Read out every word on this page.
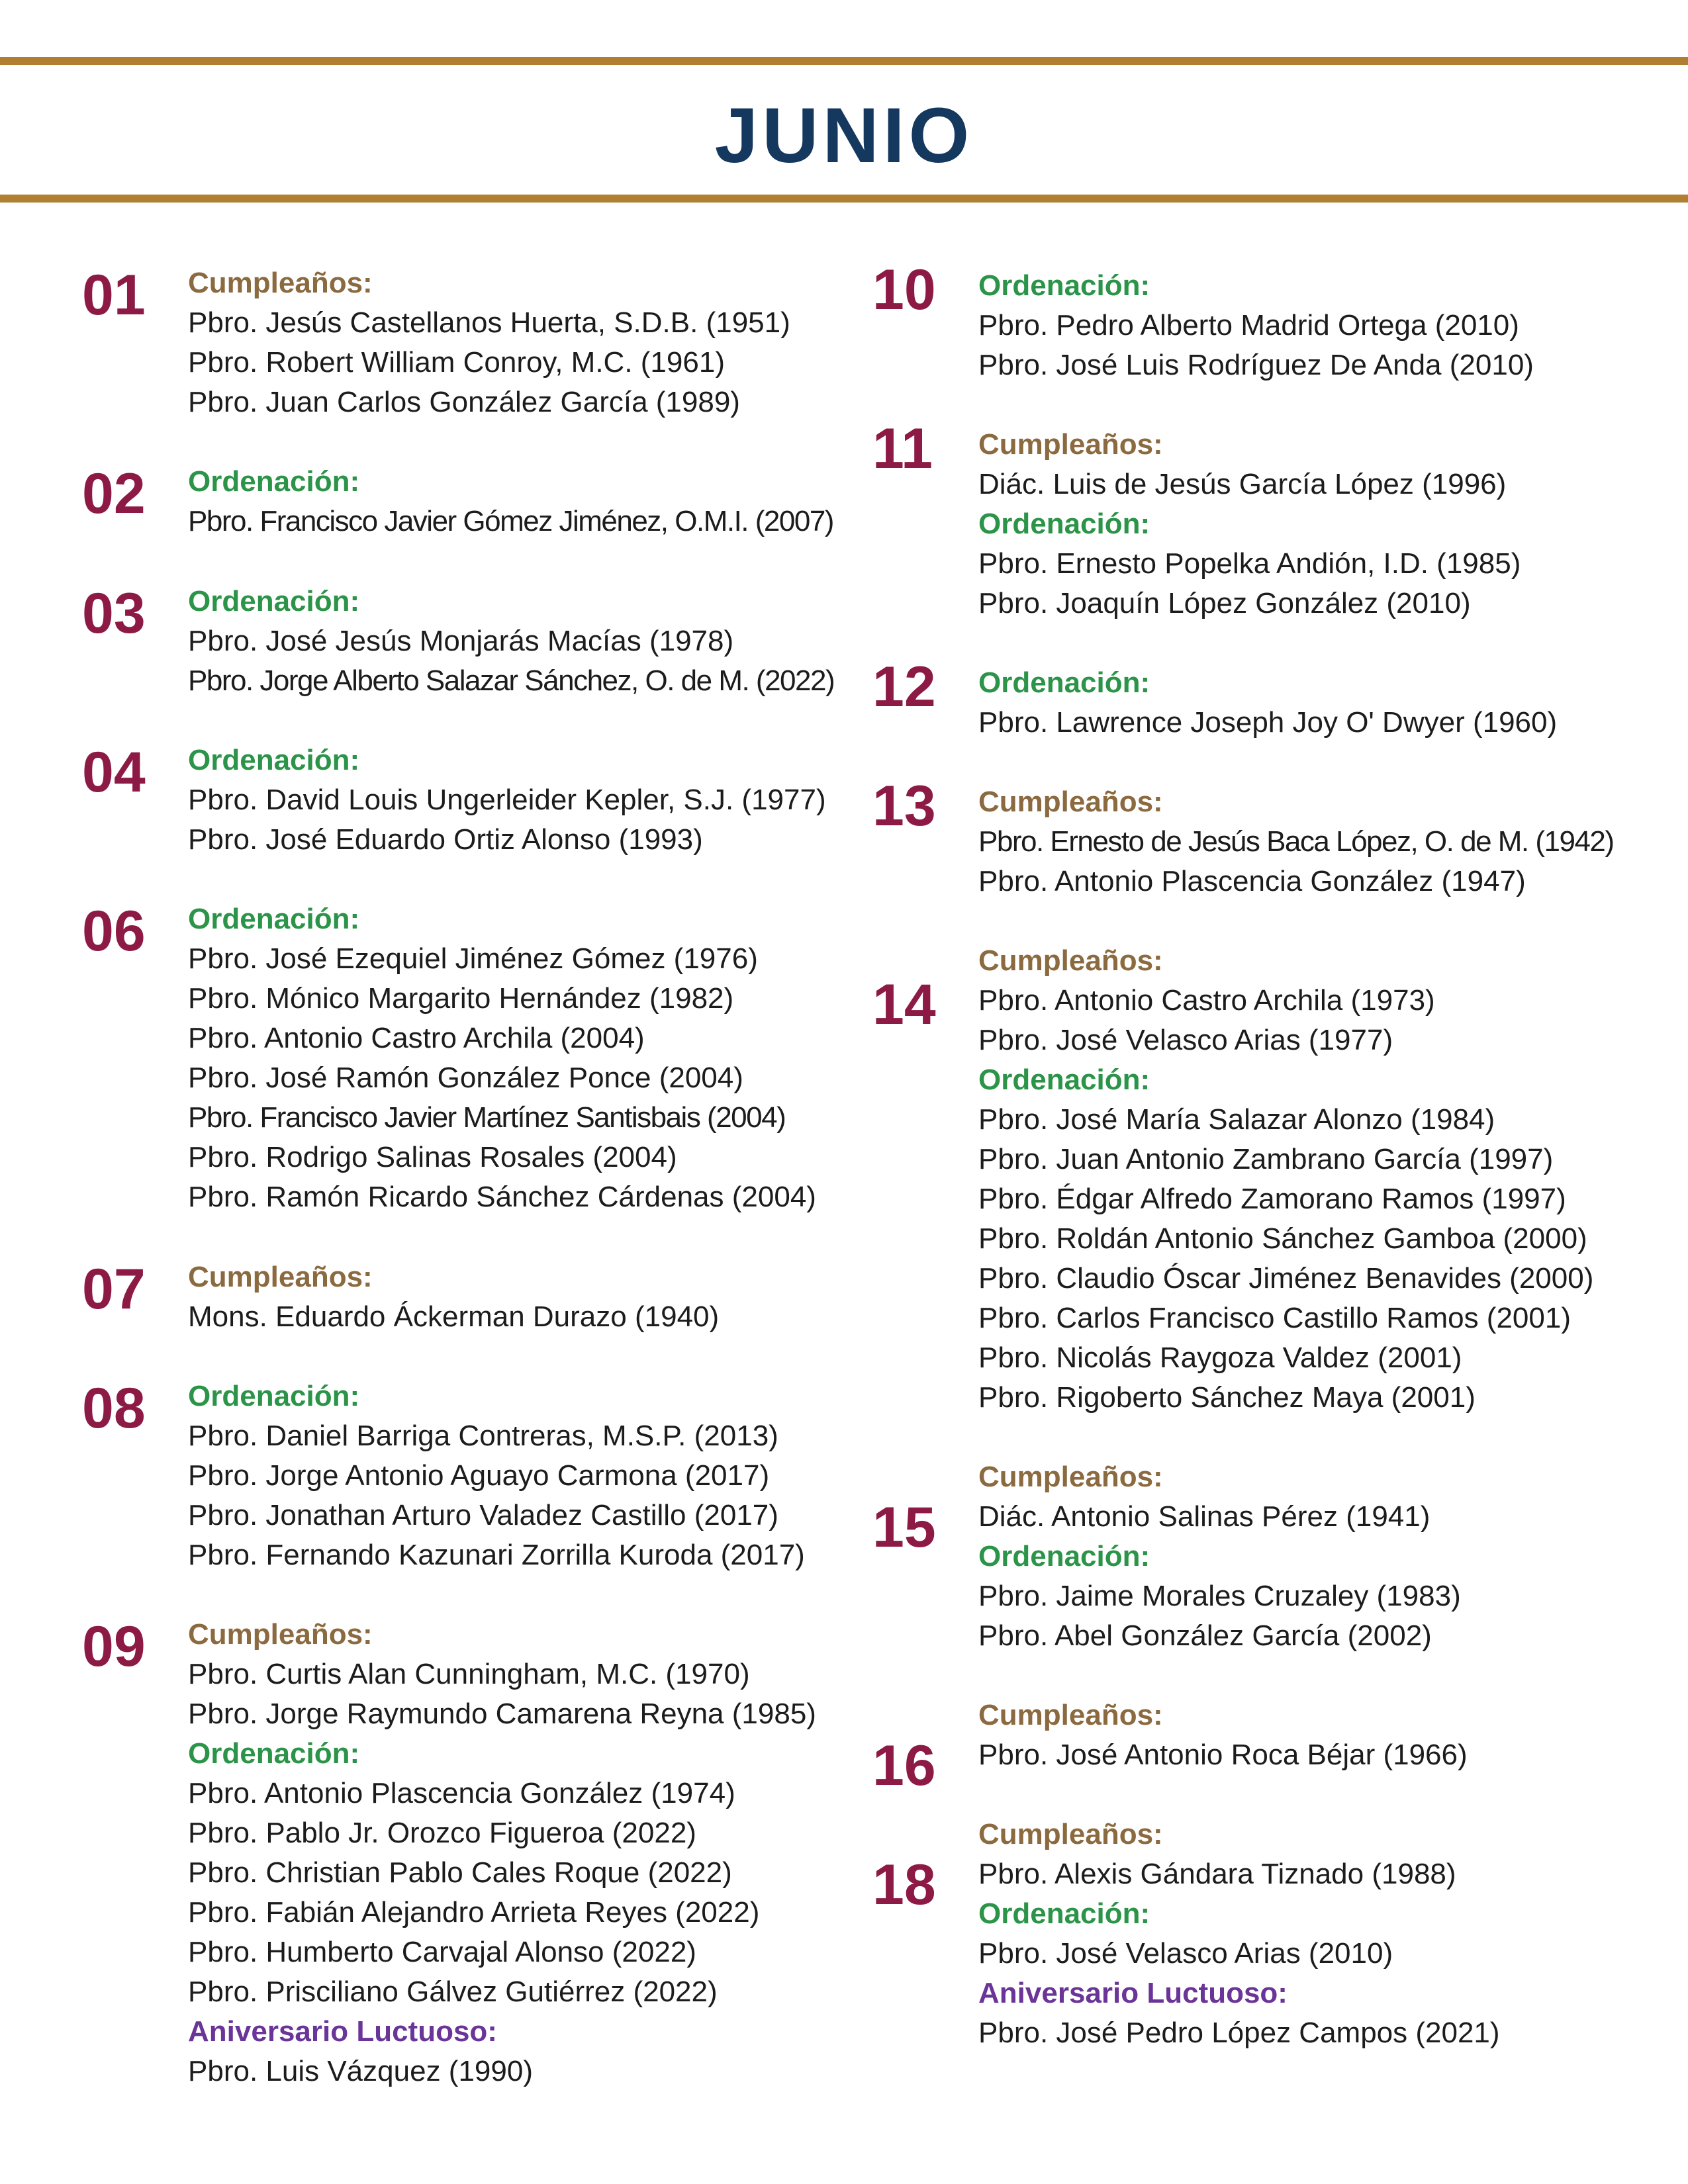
JUNIO
01	Cumpleaños:
Pbro. Jesús Castellanos Huerta, S.D.B. (1951)
Pbro. Robert William Conroy, M.C. (1961)
Pbro. Juan Carlos González García (1989)
02	Ordenación:
Pbro. Francisco Javier Gómez Jiménez, O.M.I. (2007)
03	Ordenación:
Pbro. José Jesús Monjarás Macías (1978)
Pbro. Jorge Alberto Salazar Sánchez, O. de M. (2022)
04	Ordenación:
Pbro. David Louis Ungerleider Kepler, S.J. (1977)
Pbro. José Eduardo Ortiz Alonso (1993)
06	Ordenación:
Pbro. José Ezequiel Jiménez Gómez (1976)
Pbro. Mónico Margarito Hernández (1982)
Pbro. Antonio Castro Archila (2004)
Pbro. José Ramón González Ponce (2004)
Pbro. Francisco Javier Martínez Santisbais (2004)
Pbro. Rodrigo Salinas Rosales (2004)
Pbro. Ramón Ricardo Sánchez Cárdenas (2004)
07	Cumpleaños:
Mons. Eduardo Áckerman Durazo (1940)
08	Ordenación:
Pbro. Daniel Barriga Contreras, M.S.P. (2013)
Pbro. Jorge Antonio Aguayo Carmona (2017)
Pbro. Jonathan Arturo Valadez Castillo (2017)
Pbro. Fernando Kazunari Zorrilla Kuroda (2017)
09	Cumpleaños:
Pbro. Curtis Alan Cunningham, M.C. (1970)
Pbro. Jorge Raymundo Camarena Reyna (1985)
Ordenación:
Pbro. Antonio Plascencia González (1974)
Pbro. Pablo Jr. Orozco Figueroa (2022)
Pbro. Christian Pablo Cales Roque (2022)
Pbro. Fabián Alejandro Arrieta Reyes (2022)
Pbro. Humberto Carvajal Alonso (2022)
Pbro. Prisciliano Gálvez Gutiérrez (2022)
Aniversario Luctuoso:
Pbro. Luis Vázquez (1990)
10	Ordenación:
Pbro. Pedro Alberto Madrid Ortega (2010)
Pbro. José Luis Rodríguez De Anda (2010)
11	Cumpleaños:
Diác. Luis de Jesús García López (1996)
Ordenación:
Pbro. Ernesto Popelka Andión, I.D. (1985)
Pbro. Joaquín López González (2010)
12	Ordenación:
Pbro. Lawrence Joseph Joy O' Dwyer (1960)
13	Cumpleaños:
Pbro. Ernesto de Jesús Baca López, O. de M. (1942)
Pbro. Antonio Plascencia González (1947)
14
Cumpleaños:
Pbro. Antonio Castro Archila (1973)
Pbro. José Velasco Arias (1977)
Ordenación:
Pbro. José María Salazar Alonzo (1984)
Pbro. Juan Antonio Zambrano García (1997)
Pbro. Édgar Alfredo Zamorano Ramos (1997)
Pbro. Roldán Antonio Sánchez Gamboa (2000)
Pbro. Claudio Óscar Jiménez Benavides (2000)
Pbro. Carlos Francisco Castillo Ramos (2001)
Pbro. Nicolás Raygoza Valdez (2001)
Pbro. Rigoberto Sánchez Maya (2001)
15
Cumpleaños:
Diác. Antonio Salinas Pérez (1941)
Ordenación:
Pbro. Jaime Morales Cruzaley (1983)
Pbro. Abel González García (2002)
16
Cumpleaños:
Pbro. José Antonio Roca Béjar (1966)
18
Cumpleaños:
Pbro. Alexis Gándara Tiznado (1988)
Ordenación:
Pbro. José Velasco Arias (2010)
Aniversario Luctuoso:
Pbro. José Pedro López Campos (2021)
